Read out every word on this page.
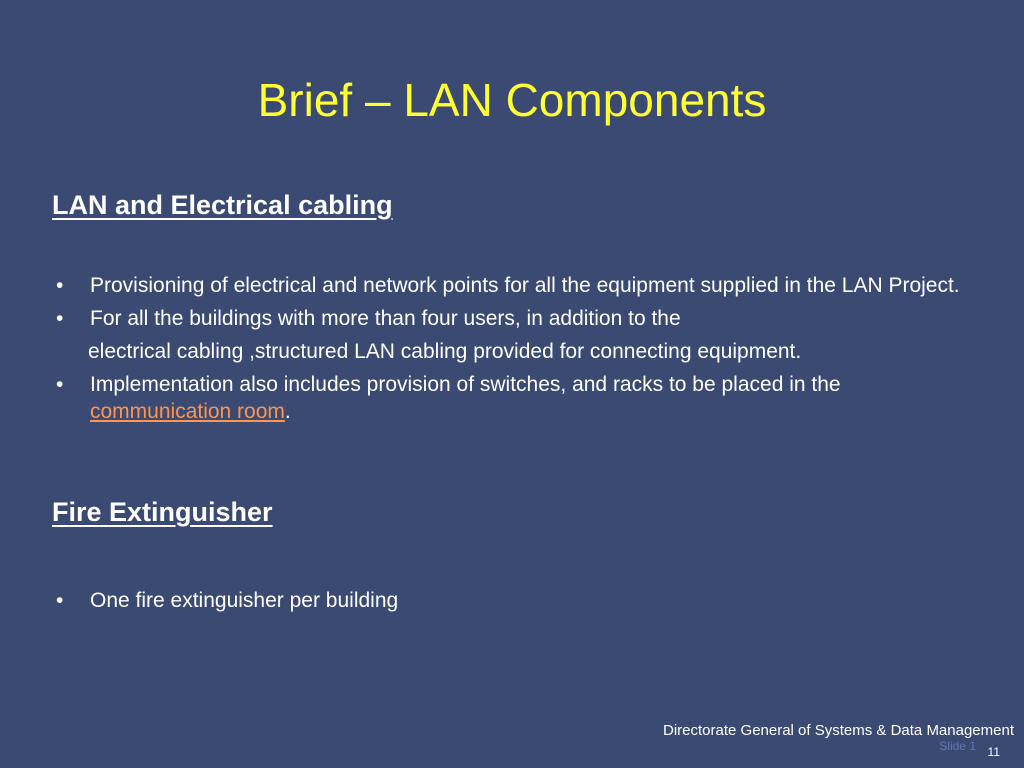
Brief – LAN Components
LAN and Electrical cabling
• Provisioning of electrical and network points for all the equipment supplied in the LAN Project.
• For all the buildings with more than four users, in addition to the
electrical cabling ,structured LAN cabling provided for connecting equipment.
• Implementation also includes provision of switches, and racks to be placed in the communication room.
Fire Extinguisher
• One fire extinguisher per building
Slide 1
Directorate General of Systems & Data Management
11
